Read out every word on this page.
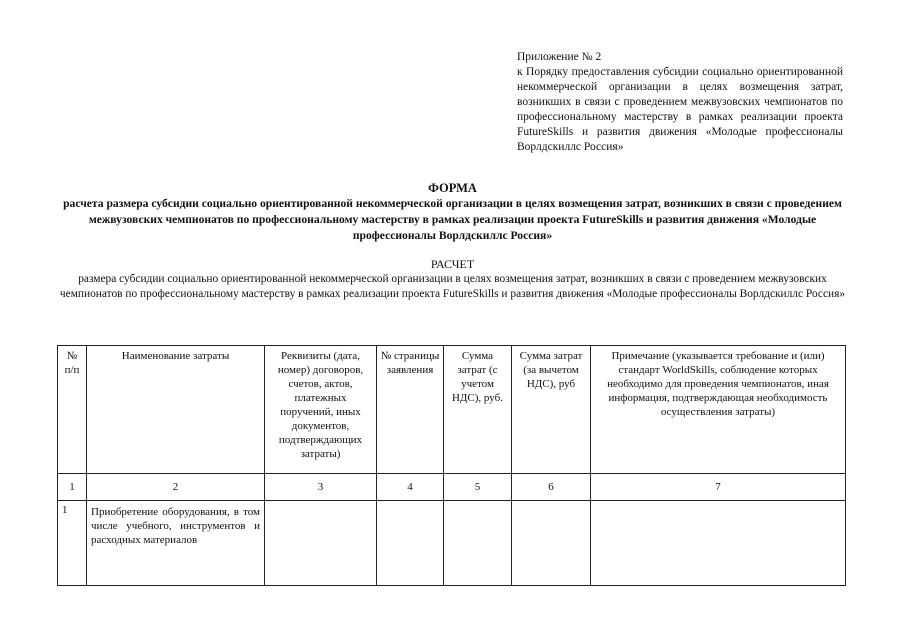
Приложение № 2
к Порядку предоставления субсидии социально ориентированной некоммерческой организации в целях возмещения затрат, возникших в связи с проведением межвузовских чемпионатов по профессиональному мастерству в рамках реализации проекта FutureSkills и развития движения «Молодые профессионалы Ворлдскиллс Россия»
ФОРМА
расчета размера субсидии социально ориентированной некоммерческой организации в целях возмещения затрат, возникших в связи с проведением межвузовских чемпионатов по профессиональному мастерству в рамках реализации проекта FutureSkills и развития движения «Молодые профессионалы Ворлдскиллс Россия»
РАСЧЕТ
размера субсидии социально ориентированной некоммерческой организации в целях возмещения затрат, возникших в связи с проведением межвузовских чемпионатов по профессиональному мастерству в рамках реализации проекта FutureSkills и развития движения «Молодые профессионалы Ворлдскиллс Россия»
№ п/п	Наименование затраты	Реквизиты (дата, номер) договоров, счетов, актов, платежных поручений, иных документов, подтверждающих затраты)	№ страницы заявления	Сумма затрат (с учетом НДС), руб.	Сумма затрат (за вычетом НДС), руб	Примечание (указывается требование и (или) стандарт WorldSkills, соблюдение которых необходимо для проведения чемпионатов, иная информация, подтверждающая необходимость осуществления затраты)
1	2	3	4	5	6	7
1	Приобретение оборудования, в том числе учебного, инструментов и расходных материалов					
